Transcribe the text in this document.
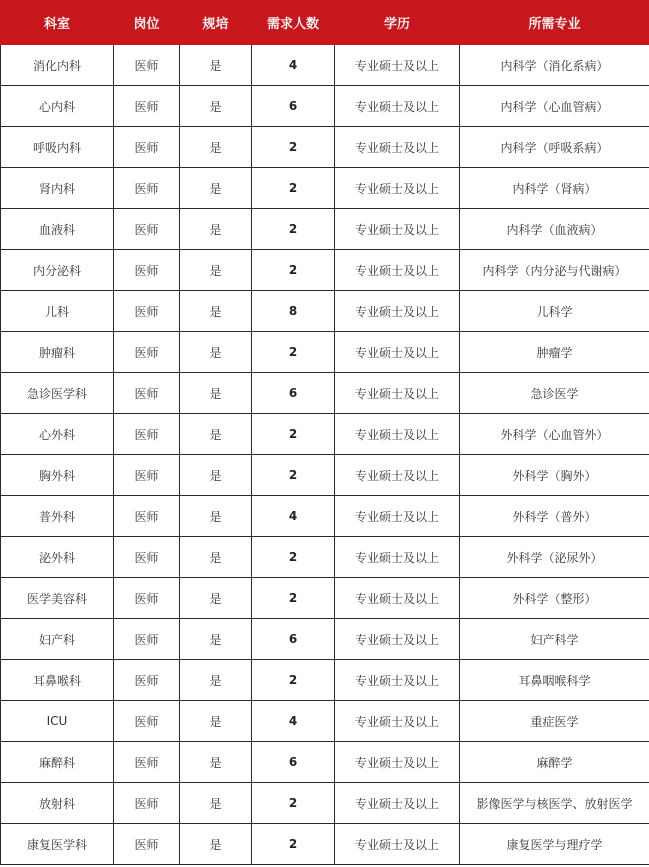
科室	岗位	规培	需求人数	学历	所需专业
消化内科	医师	是	4	专业硕士及以上	内科学（消化系病）
心内科	医师	是	6	专业硕士及以上	内科学（心血管病）
呼吸内科	医师	是	2	专业硕士及以上	内科学（呼吸系病）
肾内科	医师	是	2	专业硕士及以上	内科学（肾病）
血液科	医师	是	2	专业硕士及以上	内科学（血液病）
内分泌科	医师	是	2	专业硕士及以上	内科学（内分泌与代谢病）
儿科	医师	是	8	专业硕士及以上	儿科学
肿瘤科	医师	是	2	专业硕士及以上	肿瘤学
急诊医学科	医师	是	6	专业硕士及以上	急诊医学
心外科	医师	是	2	专业硕士及以上	外科学（心血管外）
胸外科	医师	是	2	专业硕士及以上	外科学（胸外）
普外科	医师	是	4	专业硕士及以上	外科学（普外）
泌外科	医师	是	2	专业硕士及以上	外科学（泌尿外）
医学美容科	医师	是	2	专业硕士及以上	外科学（整形）
妇产科	医师	是	6	专业硕士及以上	妇产科学
耳鼻喉科	医师	是	2	专业硕士及以上	耳鼻咽喉科学
ICU	医师	是	4	专业硕士及以上	重症医学
麻醉科	医师	是	6	专业硕士及以上	麻醉学
放射科	医师	是	2	专业硕士及以上	影像医学与核医学、放射医学
康复医学科	医师	是	2	专业硕士及以上	康复医学与理疗学
